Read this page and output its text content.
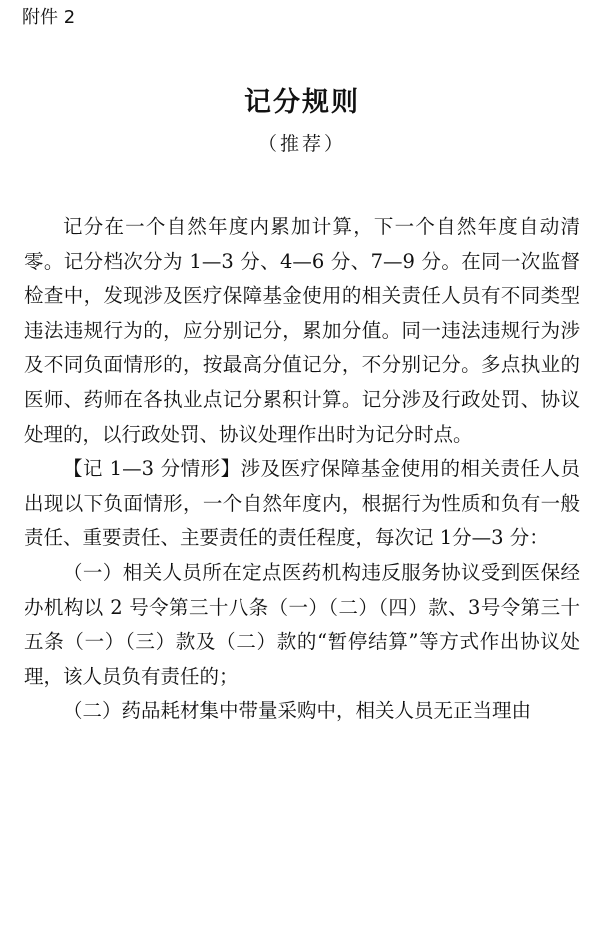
附件 2
记分规则
（推荐）

记分在一个自然年度内累加计算，下一个自然年度自动清零。记分档次分为 1—3 分、4—6 分、7—9 分。在同一次监督检查中，发现涉及医疗保障基金使用的相关责任人员有不同类型违法违规行为的，应分别记分，累加分值。同一违法违规行为涉及不同负面情形的，按最高分值记分，不分别记分。多点执业的医师、药师在各执业点记分累积计算。记分涉及行政处罚、协议处理的，以行政处罚、协议处理作出时为记分时点。

【记 1—3 分情形】涉及医疗保障基金使用的相关责任人员出现以下负面情形，一个自然年度内，根据行为性质和负有一般责任、重要责任、主要责任的责任程度，每次记 1分—3 分：

（一）相关人员所在定点医药机构违反服务协议受到医保经办机构以 2 号令第三十八条（一）（二）（四）款、3号令第三十五条（一）（三）款及（二）款的“暂停结算”等方式作出协议处理，该人员负有责任的；

（二）药品耗材集中带量采购中，相关人员无正当理由
